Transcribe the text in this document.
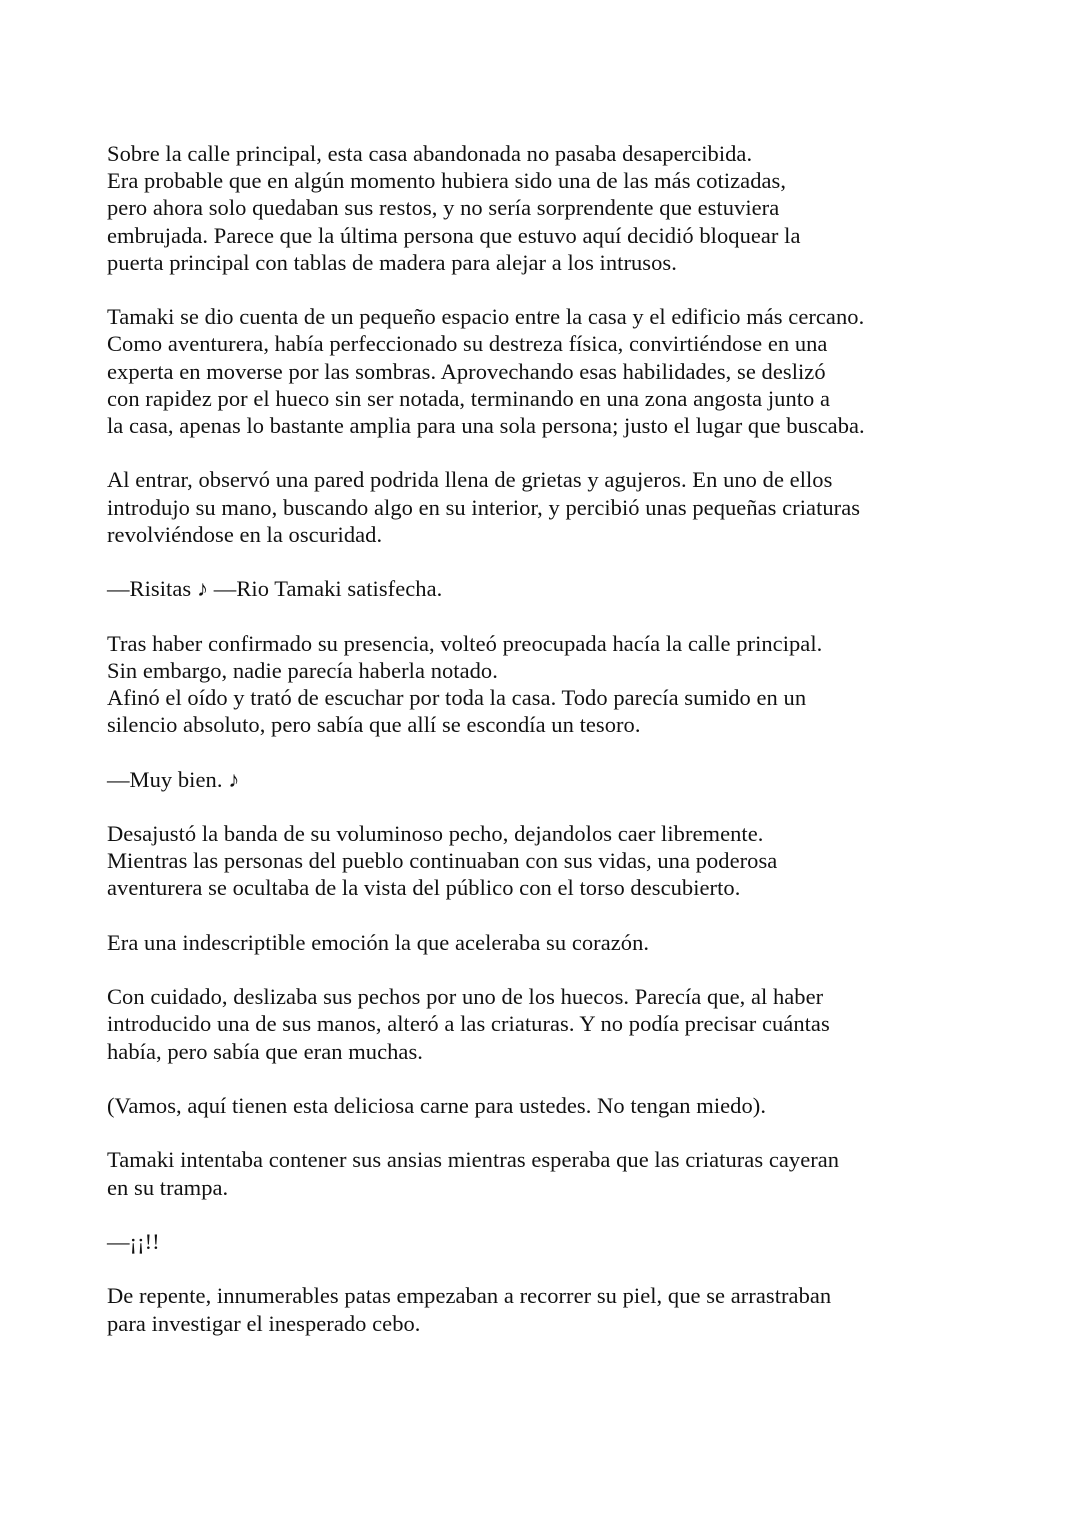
Sobre la calle principal, esta casa abandonada no pasaba desapercibida.
Era probable que en algún momento hubiera sido una de las más cotizadas,
pero ahora solo quedaban sus restos, y no sería sorprendente que estuviera
embrujada. Parece que la última persona que estuvo aquí decidió bloquear la
puerta principal con tablas de madera para alejar a los intrusos.

Tamaki se dio cuenta de un pequeño espacio entre la casa y el edificio más cercano.
Como aventurera, había perfeccionado su destreza física, convirtiéndose en una
experta en moverse por las sombras. Aprovechando esas habilidades, se deslizó
con rapidez por el hueco sin ser notada, terminando en una zona angosta junto a
la casa, apenas lo bastante amplia para una sola persona; justo el lugar que buscaba.

Al entrar, observó una pared podrida llena de grietas y agujeros. En uno de ellos
introdujo su mano, buscando algo en su interior, y percibió unas pequeñas criaturas
revolviéndose en la oscuridad.

—Risitas ♪ —Rio Tamaki satisfecha.

Tras haber confirmado su presencia, volteó preocupada hacía la calle principal.
Sin embargo, nadie parecía haberla notado.
Afinó el oído y trató de escuchar por toda la casa. Todo parecía sumido en un
silencio absoluto, pero sabía que allí se escondía un tesoro.

—Muy bien. ♪

Desajustó la banda de su voluminoso pecho, dejandolos caer libremente.
Mientras las personas del pueblo continuaban con sus vidas, una poderosa
aventurera se ocultaba de la vista del público con el torso descubierto.

Era una indescriptible emoción la que aceleraba su corazón.

Con cuidado, deslizaba sus pechos por uno de los huecos. Parecía que, al haber
introducido una de sus manos, alteró a las criaturas. Y no podía precisar cuántas
había, pero sabía que eran muchas.

(Vamos, aquí tienen esta deliciosa carne para ustedes. No tengan miedo).

Tamaki intentaba contener sus ansias mientras esperaba que las criaturas cayeran
en su trampa.

—¡¡!!

De repente, innumerables patas empezaban a recorrer su piel, que se arrastraban
para investigar el inesperado cebo.
